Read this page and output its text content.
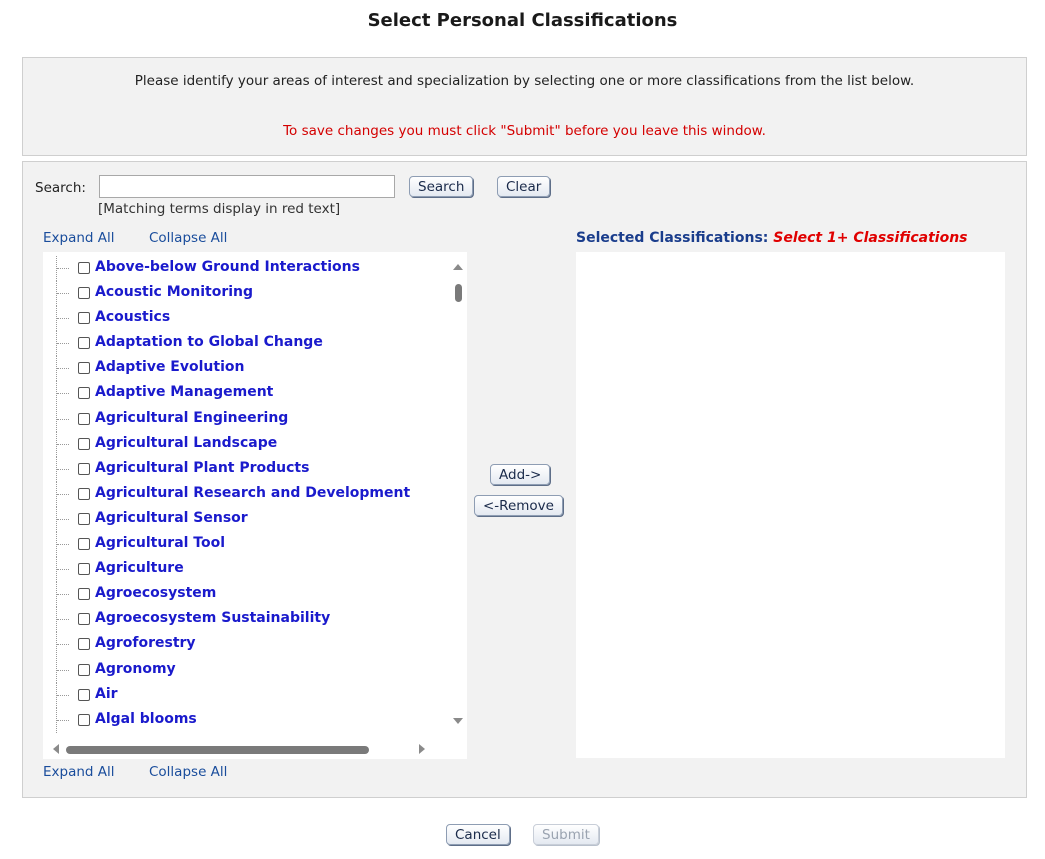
Select Personal Classifications
Please identify your areas of interest and specialization by selecting one or more classifications from the list below.
To save changes you must click "Submit" before you leave this window.
Search:	Search	Clear
[Matching terms display in red text]
Expand All	Collapse All
Above-below Ground Interactions
Acoustic Monitoring
Acoustics
Adaptation to Global Change
Adaptive Evolution
Adaptive Management
Agricultural Engineering
Agricultural Landscape
Agricultural Plant Products
Agricultural Research and Development
Agricultural Sensor
Agricultural Tool
Agriculture
Agroecosystem
Agroecosystem Sustainability
Agroforestry
Agronomy
Air
Algal blooms
Add->
<-Remove
Selected Classifications: Select 1+ Classifications
Expand All	Collapse All
Cancel	Submit
